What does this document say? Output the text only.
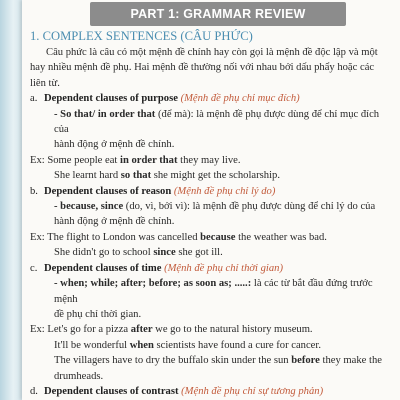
PART 1: GRAMMAR REVIEW
1. COMPLEX SENTENCES (CÂU PHỨC)

Câu phức là câu có một mệnh đề chính hay còn gọi là mệnh đề độc lập và một

hay nhiều mệnh đề phụ. Hai mệnh đề thường nối với nhau bởi dấu phẩy hoặc các

liên từ.

a. Dependent clauses of purpose (Mệnh đề phụ chỉ mục đích)

- So that/ in order that (để mà): là mệnh đề phụ được dùng để chỉ mục đích của

hành động ở mệnh đề chính.

Ex: Some people eat in order that they may live.

She learnt hard so that she might get the scholarship.

b. Dependent clauses of reason (Mệnh đề phụ chỉ lý do)

- because, since (do, vì, bởi vì): là mệnh đề phụ được dùng để chỉ lý do của

hành động ở mệnh đề chính.

Ex: The flight to London was cancelled because the weather was bad.

She didn't go to school since she got ill.

c. Dependent clauses of time (Mệnh đề phụ chỉ thời gian)

- when; while; after; before; as soon as; .....: là các từ bắt đầu đứng trước mệnh

đề phụ chỉ thời gian.

Ex: Let's go for a pizza after we go to the natural history museum.

It'll be wonderful when scientists have found a cure for cancer.

The villagers have to dry the buffalo skin under the sun before they make the

drumheads.

d. Dependent clauses of contrast (Mệnh đề phụ chỉ sự tương phản)
